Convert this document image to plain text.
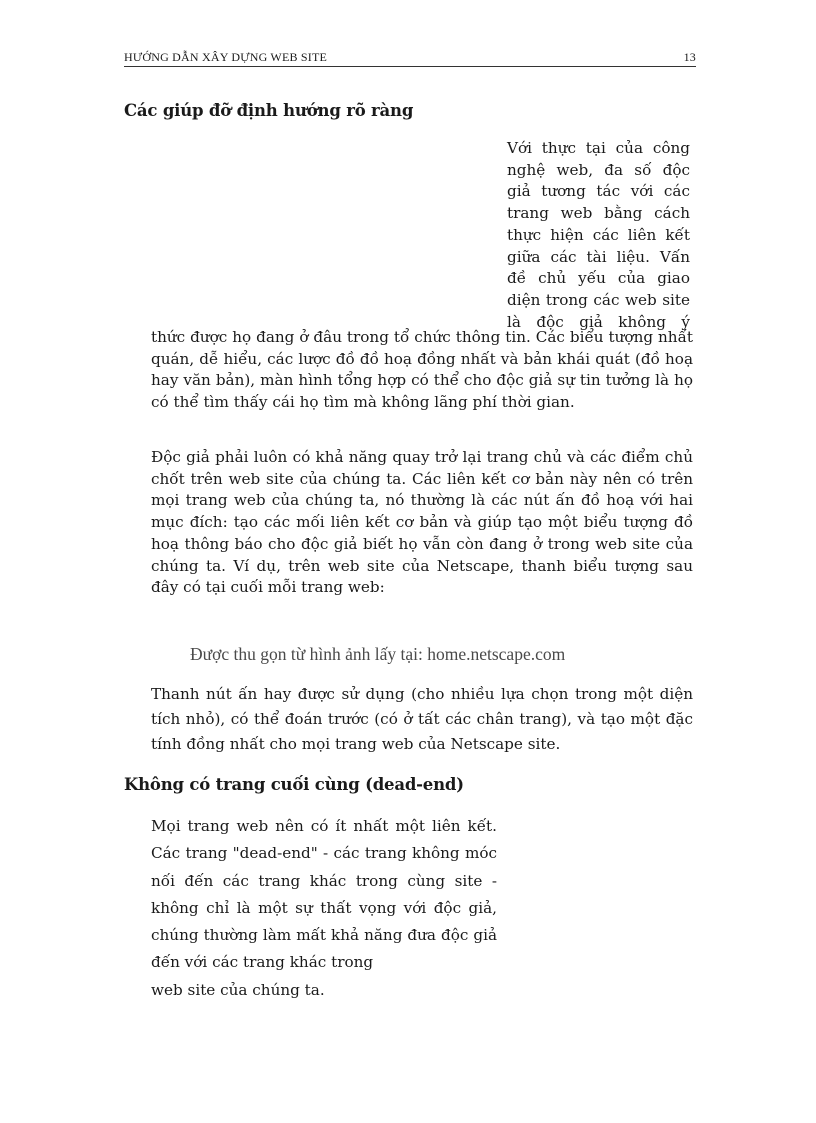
HƯỚNG DẪN XÂY DỰNG WEB SITE	13
Các giúp đỡ định hướng rõ ràng

Với thực tại của công nghệ web, đa số độc giả tương tác với các trang web bằng cách thực hiện các liên kết giữa các tài liệu. Vấn đề chủ yếu của giao diện trong các web site là độc giả không ý

thức được họ đang ở đâu trong tổ chức thông tin. Các biểu tượng nhất quán, dễ hiểu, các lược đồ đồ hoạ đồng nhất và bản khái quát (đồ hoạ hay văn bản), màn hình tổng hợp có thể cho độc giả sự tin tưởng là họ có thể tìm thấy cái họ tìm mà không lãng phí thời gian.

Độc giả phải luôn có khả năng quay trở lại trang chủ và các điểm chủ chốt trên web site của chúng ta. Các liên kết cơ bản này nên có trên mọi trang web của chúng ta, nó thường là các nút ấn đồ hoạ với hai mục đích: tạo các mối liên kết cơ bản và giúp tạo một biểu tượng đồ hoạ thông báo cho độc giả biết họ vẫn còn đang ở trong web site của chúng ta. Ví dụ, trên web site của Netscape, thanh biểu tượng sau đây có tại cuối mỗi trang web:

Được thu gọn từ hình ảnh lấy tại: home.netscape.com

Thanh nút ấn hay được sử dụng (cho nhiều lựa chọn trong một diện tích nhỏ), có thể đoán trước (có ở tất các chân trang), và tạo một đặc tính đồng nhất cho mọi trang web của Netscape site.

Không có trang cuối cùng (dead-end)
Mọi trang web nên có ít nhất một liên kết. Các trang "dead-end" - các trang không móc nối đến các trang khác trong cùng site - không chỉ là một sự thất vọng với độc giả, chúng thường làm mất khả năng đưa độc giả đến với các trang khác trong
web site của chúng ta.
